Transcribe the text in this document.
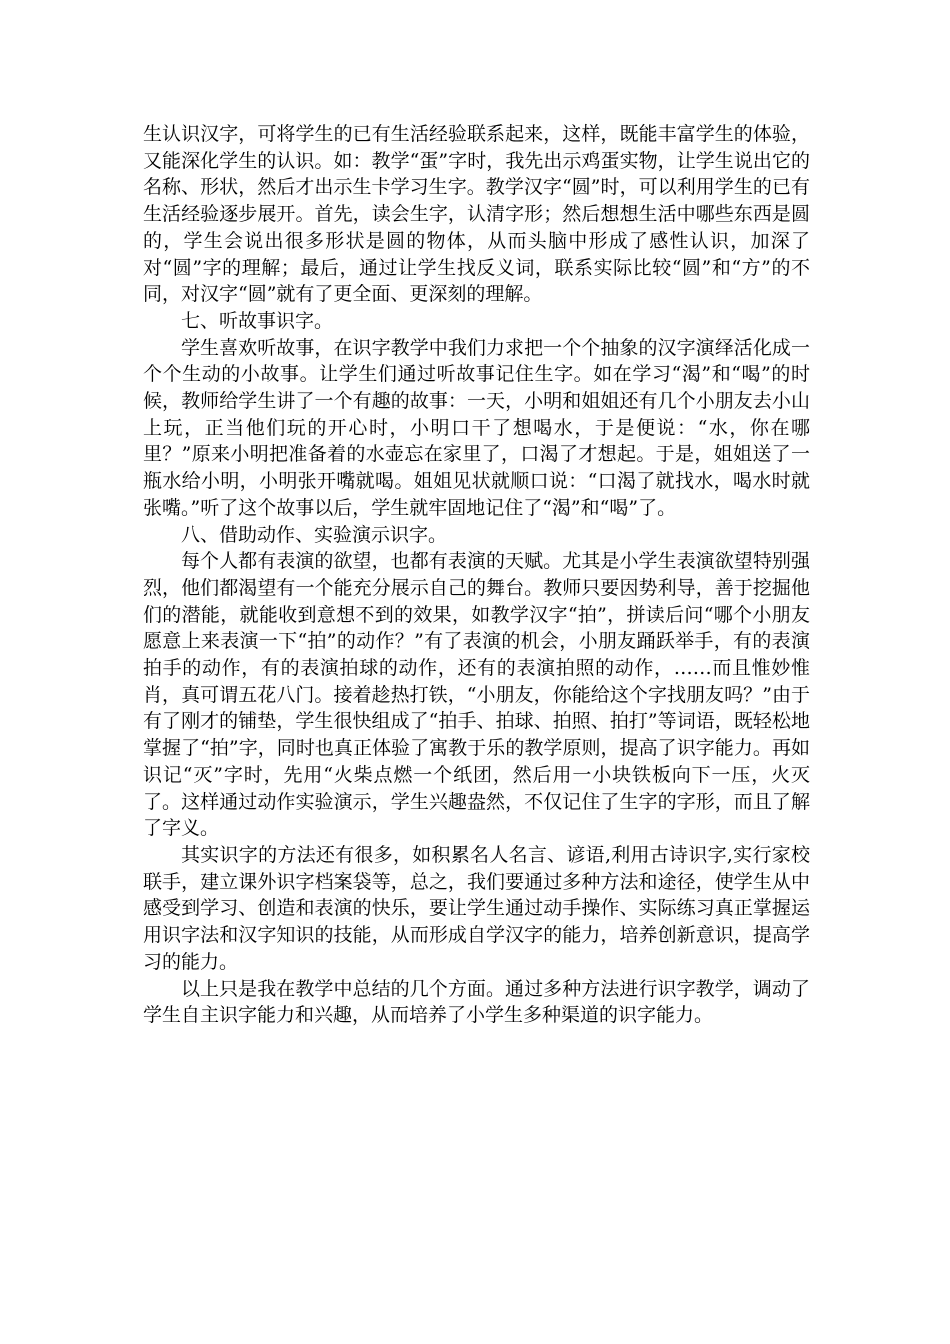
生认识汉字，可将学生的已有生活经验联系起来，这样，既能丰富学生的体验，又能深化学生的认识。如：教学“蛋”字时，我先出示鸡蛋实物，让学生说出它的名称、形状，然后才出示生卡学习生字。教学汉字“圆”时，可以利用学生的已有生活经验逐步展开。首先，读会生字，认清字形；然后想想生活中哪些东西是圆的，学生会说出很多形状是圆的物体，从而头脑中形成了感性认识，加深了对“圆”字的理解；最后，通过让学生找反义词，联系实际比较“圆”和“方”的不同，对汉字“圆”就有了更全面、更深刻的理解。

七、听故事识字。

学生喜欢听故事，在识字教学中我们力求把一个个抽象的汉字演绎活化成一个个生动的小故事。让学生们通过听故事记住生字。如在学习“渴”和“喝”的时候，教师给学生讲了一个有趣的故事：一天，小明和姐姐还有几个小朋友去小山上玩，正当他们玩的开心时，小明口干了想喝水，于是便说：“水，你在哪里？”原来小明把准备着的水壶忘在家里了，口渴了才想起。于是，姐姐送了一瓶水给小明，小明张开嘴就喝。姐姐见状就顺口说：“口渴了就找水，喝水时就张嘴。”听了这个故事以后，学生就牢固地记住了“渴”和“喝”了。

八、借助动作、实验演示识字。

每个人都有表演的欲望，也都有表演的天赋。尤其是小学生表演欲望特别强烈，他们都渴望有一个能充分展示自己的舞台。教师只要因势利导，善于挖掘他们的潜能，就能收到意想不到的效果，如教学汉字“拍”，拼读后问“哪个小朋友愿意上来表演一下“拍”的动作？”有了表演的机会，小朋友踊跃举手，有的表演拍手的动作，有的表演拍球的动作，还有的表演拍照的动作，……而且惟妙惟肖，真可谓五花八门。接着趁热打铁，“小朋友，你能给这个字找朋友吗？”由于有了刚才的铺垫，学生很快组成了“拍手、拍球、拍照、拍打”等词语，既轻松地掌握了“拍”字，同时也真正体验了寓教于乐的教学原则，提高了识字能力。再如识记“灭”字时，先用“火柴点燃一个纸团，然后用一小块铁板向下一压，火灭了。这样通过动作实验演示，学生兴趣盎然，不仅记住了生字的字形，而且了解了字义。

其实识字的方法还有很多，如积累名人名言、谚语,利用古诗识字,实行家校联手，建立课外识字档案袋等，总之，我们要通过多种方法和途径，使学生从中感受到学习、创造和表演的快乐，要让学生通过动手操作、实际练习真正掌握运用识字法和汉字知识的技能，从而形成自学汉字的能力，培养创新意识，提高学习的能力。

以上只是我在教学中总结的几个方面。通过多种方法进行识字教学，调动了学生自主识字能力和兴趣，从而培养了小学生多种渠道的识字能力。
